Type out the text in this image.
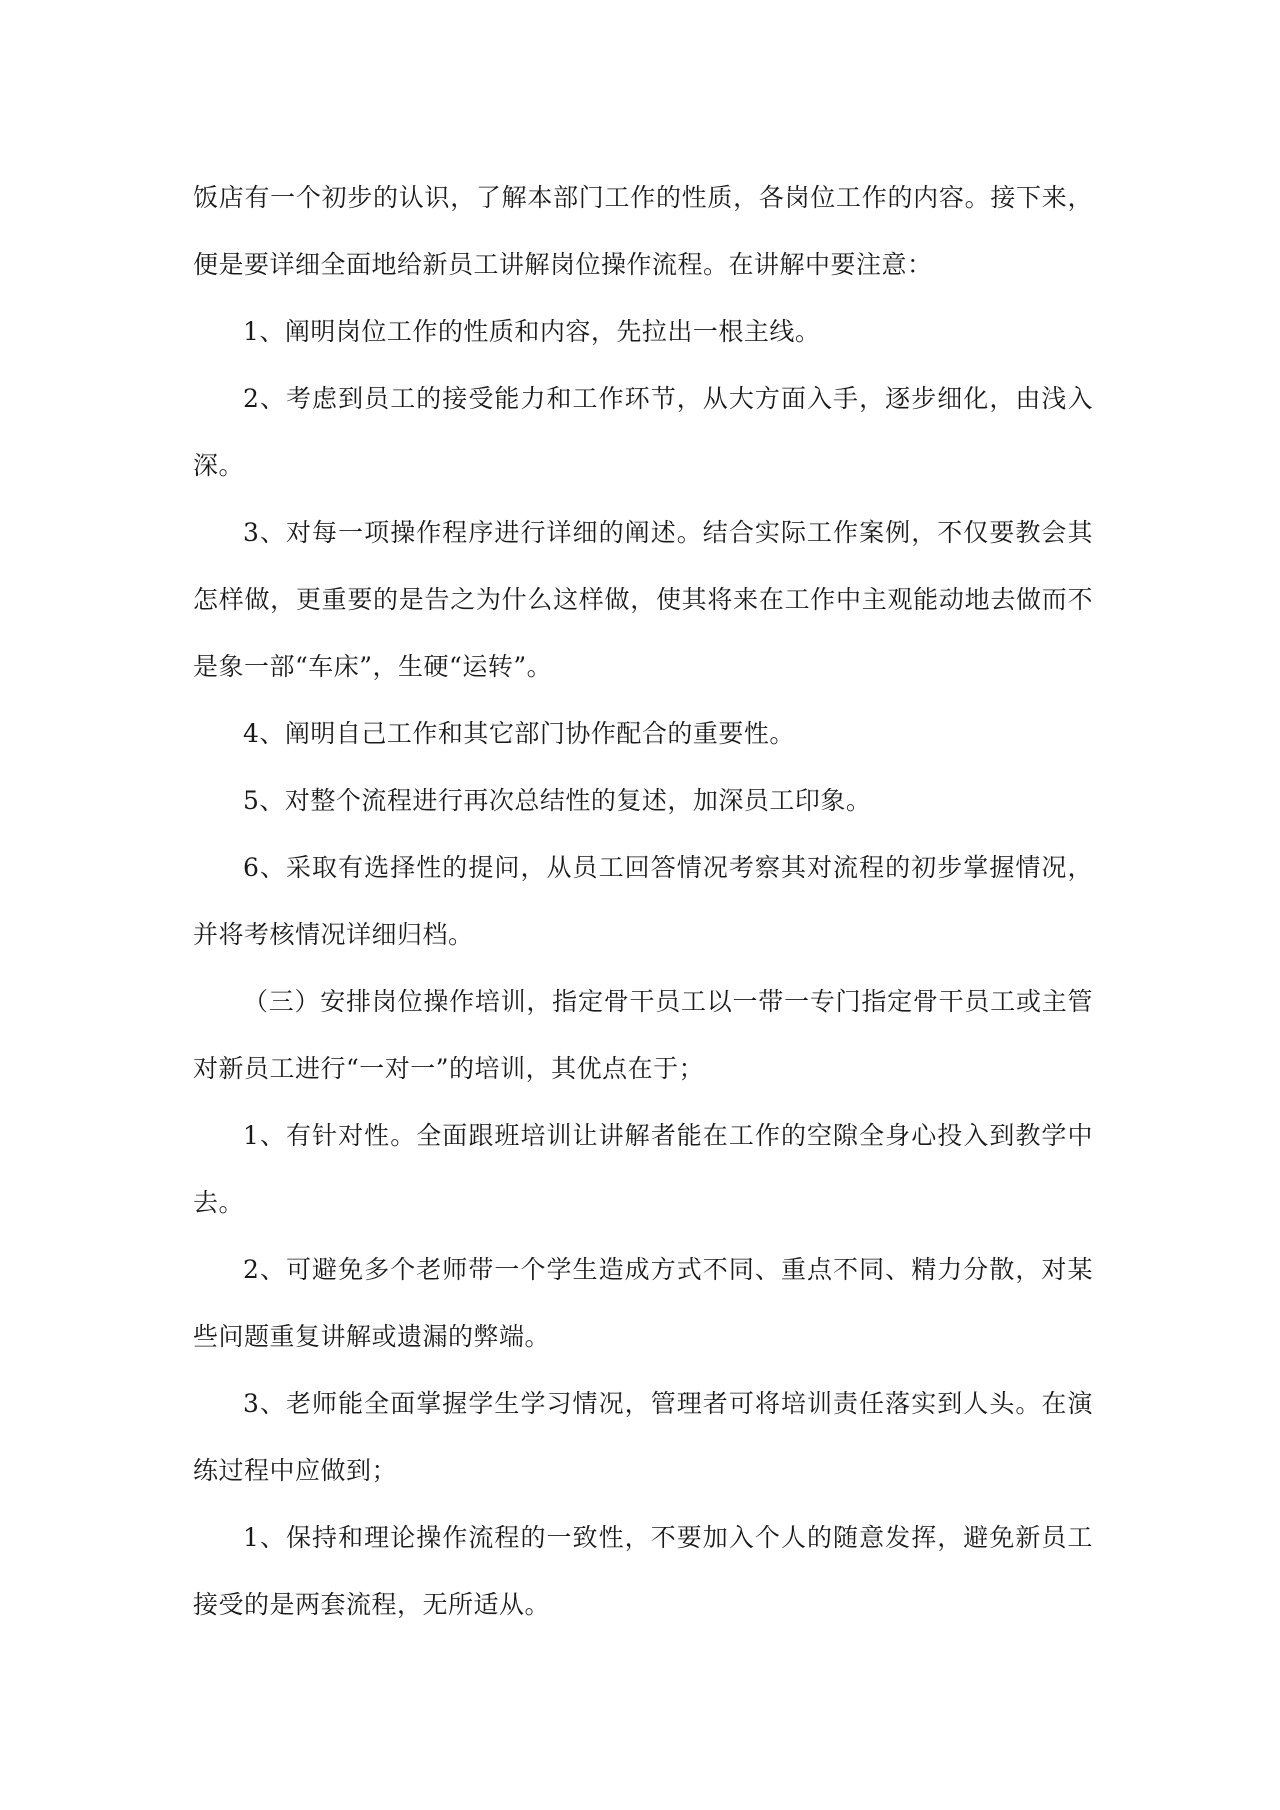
饭店有一个初步的认识，了解本部门工作的性质，各岗位工作的内容。接下来，便是要详细全面地给新员工讲解岗位操作流程。在讲解中要注意：

1、阐明岗位工作的性质和内容，先拉出一根主线。

2、考虑到员工的接受能力和工作环节，从大方面入手，逐步细化，由浅入深。

3、对每一项操作程序进行详细的阐述。结合实际工作案例，不仅要教会其怎样做，更重要的是告之为什么这样做，使其将来在工作中主观能动地去做而不是象一部“车床”，生硬“运转”。

4、阐明自己工作和其它部门协作配合的重要性。

5、对整个流程进行再次总结性的复述，加深员工印象。

6、采取有选择性的提问，从员工回答情况考察其对流程的初步掌握情况，并将考核情况详细归档。

（三）安排岗位操作培训，指定骨干员工以一带一专门指定骨干员工或主管对新员工进行“一对一”的培训，其优点在于；

1、有针对性。全面跟班培训让讲解者能在工作的空隙全身心投入到教学中去。

2、可避免多个老师带一个学生造成方式不同、重点不同、精力分散，对某些问题重复讲解或遗漏的弊端。

3、老师能全面掌握学生学习情况，管理者可将培训责任落实到人头。在演练过程中应做到；

1、保持和理论操作流程的一致性，不要加入个人的随意发挥，避免新员工接受的是两套流程，无所适从。
